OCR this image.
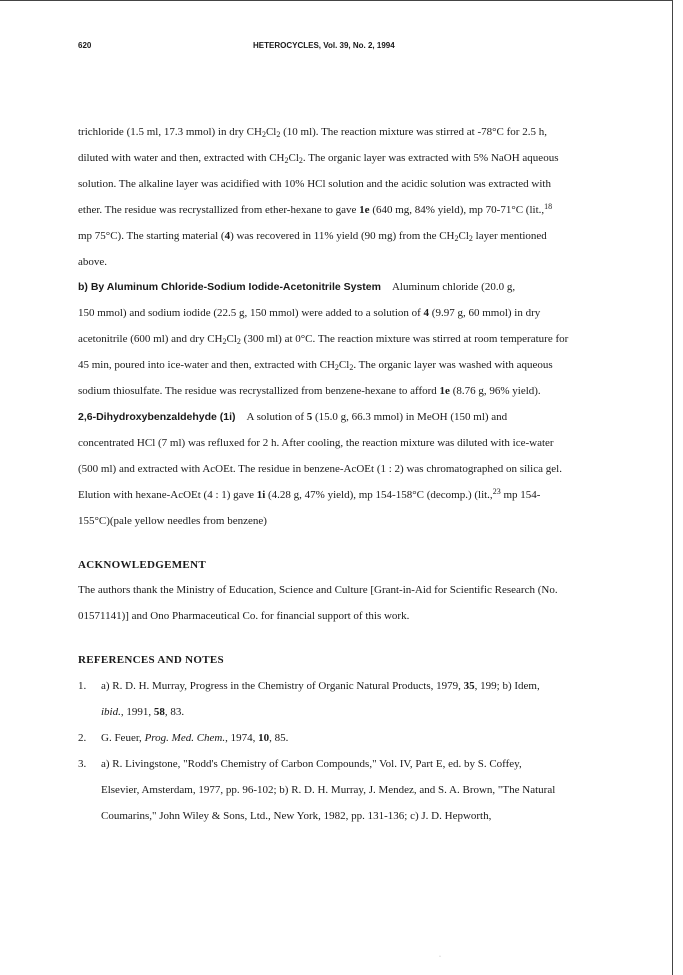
620	HETEROCYCLES, Vol. 39, No. 2, 1994
trichloride (1.5 ml, 17.3 mmol) in dry $CH_2Cl_2$ (10 ml). The reaction mixture was stirred at -78°C for 2.5 h,
diluted with water and then, extracted with $CH_2Cl_2$. The organic layer was extracted with 5% NaOH aqueous
solution. The alkaline layer was acidified with 10% HCl solution and the acidic solution was extracted with
ether. The residue was recrystallized from ether-hexane to gave 1e (640 mg, 84% yield), mp 70-71°C (lit.,$^{18}$
mp 75°C). The starting material (4) was recovered in 11% yield (90 mg) from the $CH_2Cl_2$ layer mentioned
above.
b) By Aluminum Chloride-Sodium Iodide-Acetonitrile System Aluminum chloride (20.0 g,
150 mmol) and sodium iodide (22.5 g, 150 mmol) were added to a solution of 4 (9.97 g, 60 mmol) in dry
acetonitrile (600 ml) and dry $CH_2Cl_2$ (300 ml) at 0°C. The reaction mixture was stirred at room temperature for
45 min, poured into ice-water and then, extracted with $CH_2Cl_2$. The organic layer was washed with aqueous
sodium thiosulfate. The residue was recrystallized from benzene-hexane to afford 1e (8.76 g, 96% yield).
2,6-Dihydroxybenzaldehyde (1i) A solution of 5 (15.0 g, 66.3 mmol) in MeOH (150 ml) and
concentrated HCl (7 ml) was refluxed for 2 h. After cooling, the reaction mixture was diluted with ice-water
(500 ml) and extracted with AcOEt. The residue in benzene-AcOEt (1 : 2) was chromatographed on silica gel.
Elution with hexane-AcOEt (4 : 1) gave 1i (4.28 g, 47% yield), mp 154-158°C (decomp.) (lit.,$^{23}$ mp 154-
155°C)(pale yellow needles from benzene)
ACKNOWLEDGEMENT
The authors thank the Ministry of Education, Science and Culture [Grant-in-Aid for Scientific Research (No.
01571141)] and Ono Pharmaceutical Co. for financial support of this work.
REFERENCES AND NOTES
1. a) R. D. H. Murray, Progress in the Chemistry of Organic Natural Products, 1979, 35, 199; b) Idem,
ibid., 1991, 58, 83.
2. G. Feuer, Prog. Med. Chem., 1974, 10, 85.
3. a) R. Livingstone, "Rodd's Chemistry of Carbon Compounds," Vol. IV, Part E, ed. by S. Coffey,
Elsevier, Amsterdam, 1977, pp. 96-102; b) R. D. H. Murray, J. Mendez, and S. A. Brown, "The Natural
Coumarins," John Wiley & Sons, Ltd., New York, 1982, pp. 131-136; c) J. D. Hepworth,
·
